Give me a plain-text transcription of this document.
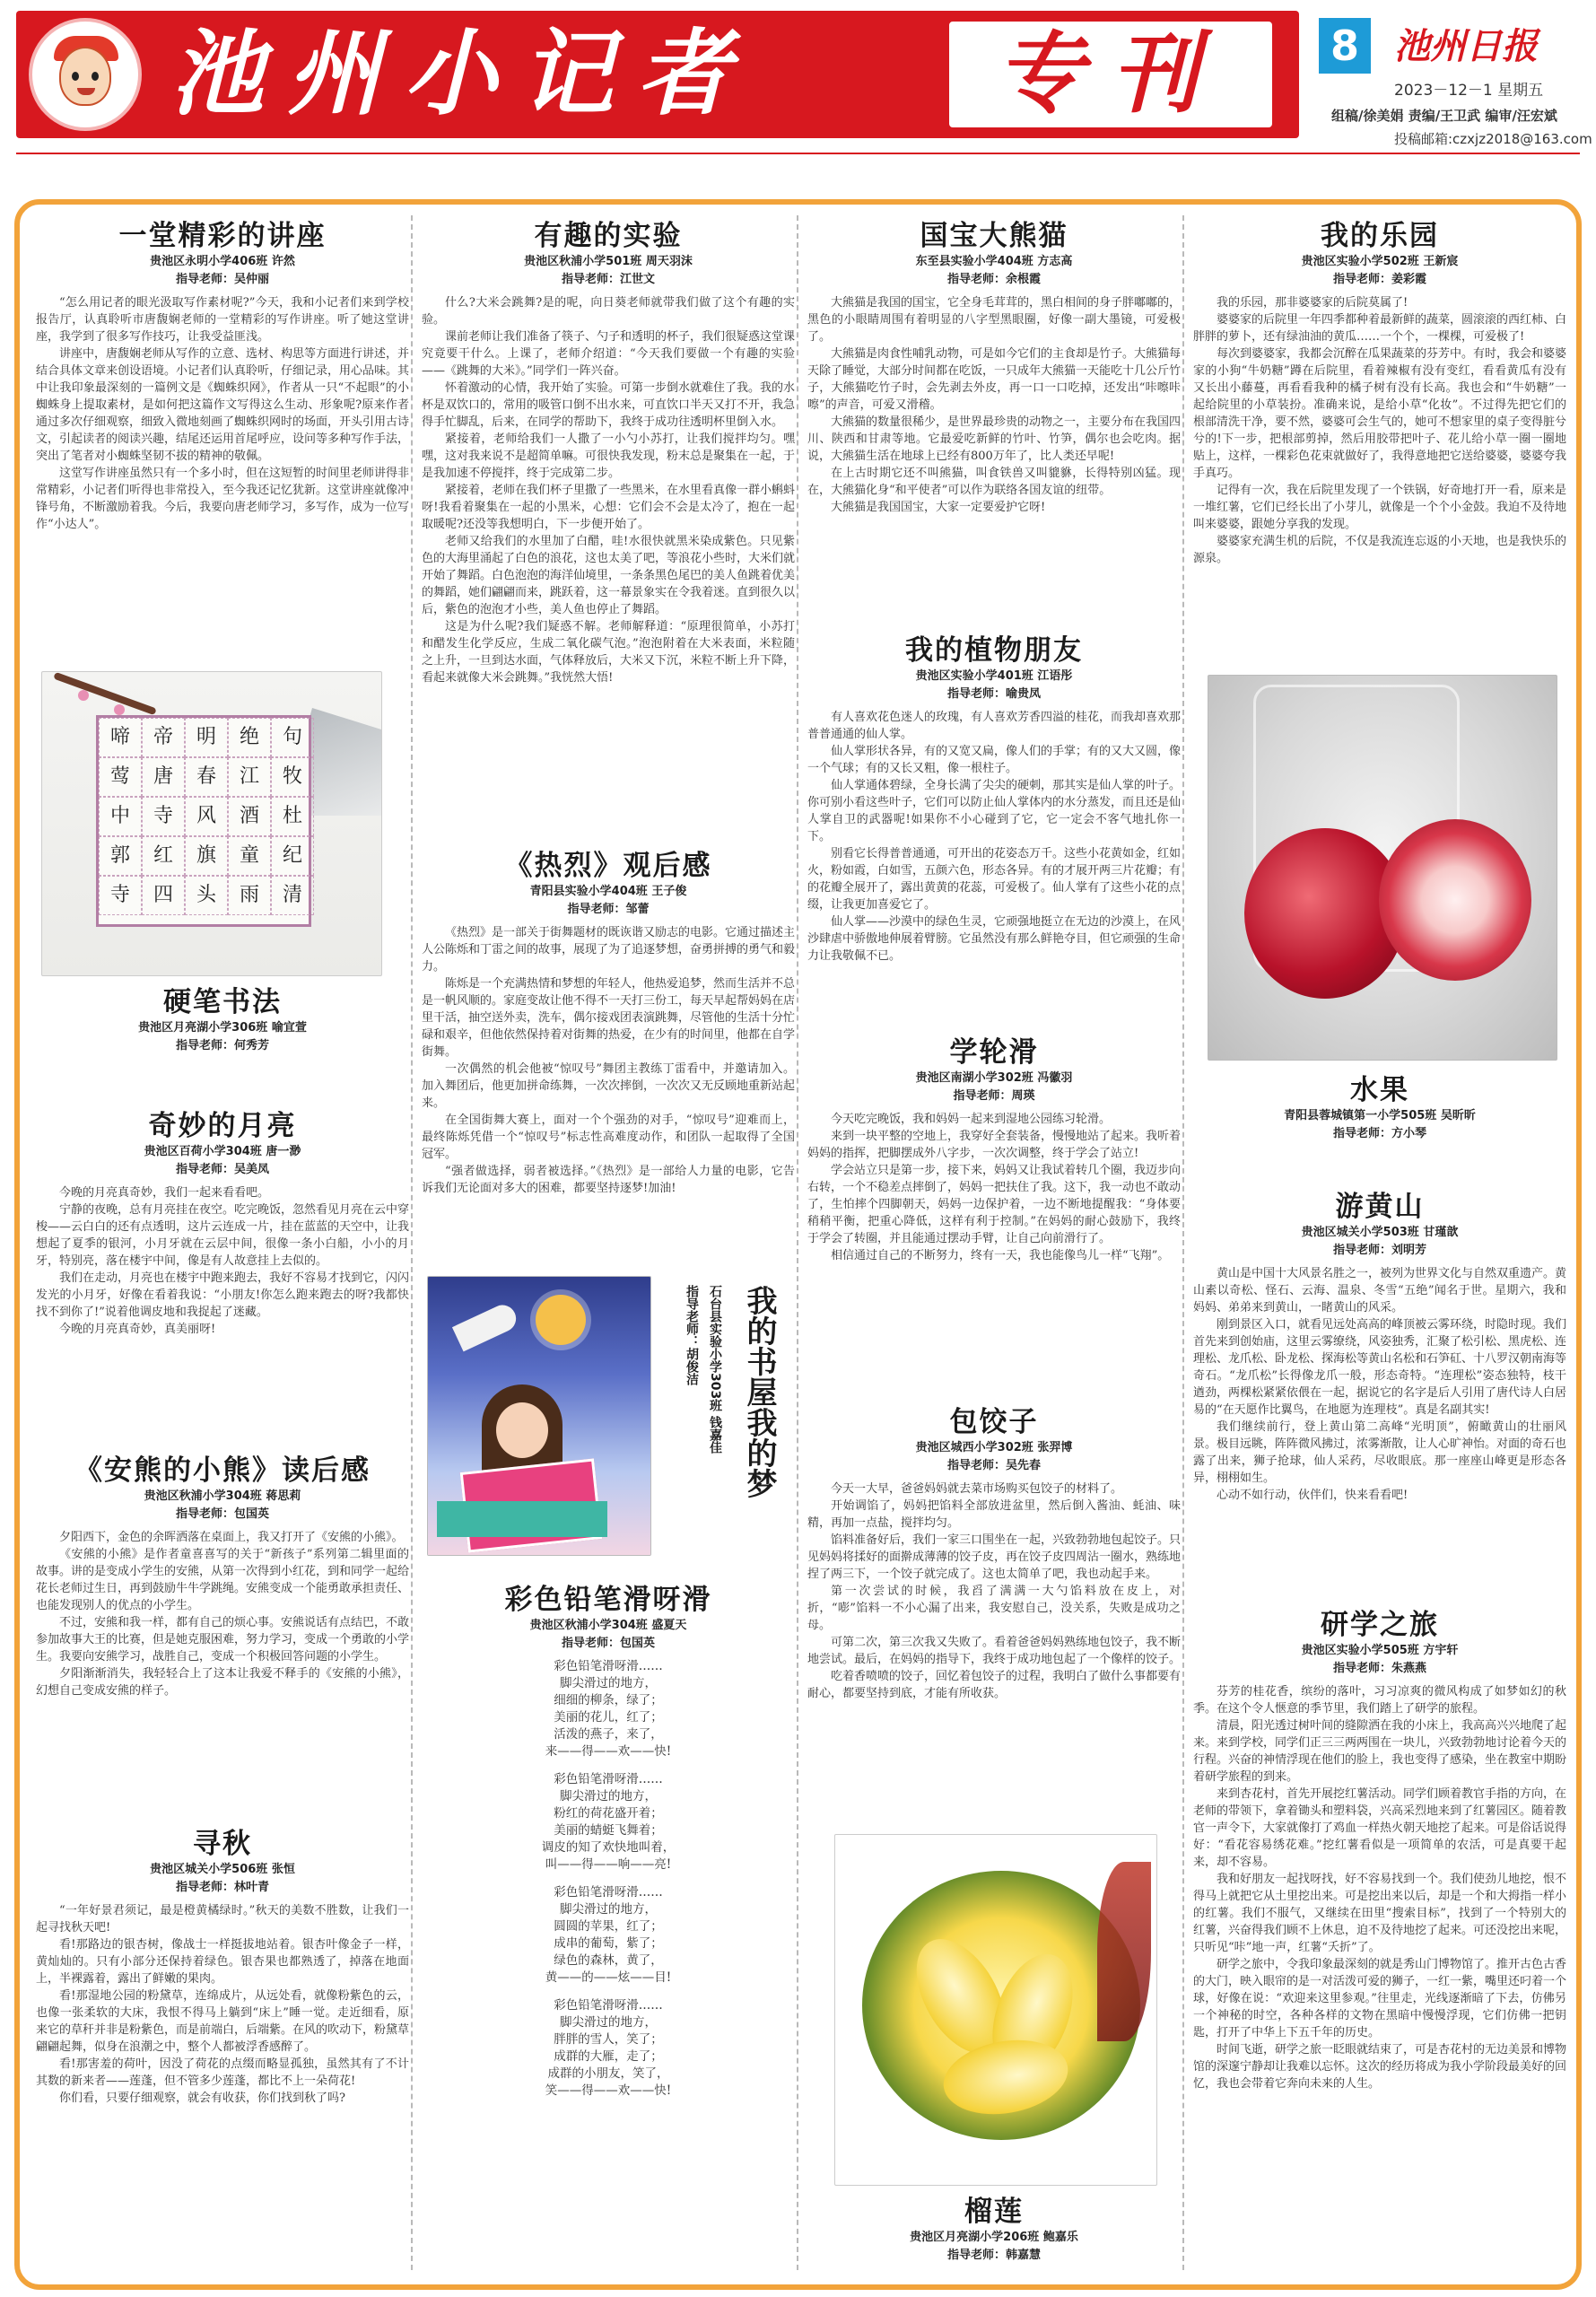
池州小记者	专刊	8 池州日报
2023－12－1 星期五
组稿/徐美娟 责编/王卫武 编审/汪宏斌
投稿邮箱:czxjz2018@163.com
一堂精彩的讲座
贵池区永明小学406班 许然
指导老师：吴仲丽

“怎么用记者的眼光汲取写作素材呢?”今天，我和小记者们来到学校报告厅，认真聆听市唐馥娴老师的一堂精彩的写作讲座。听了她这堂讲座，我学到了很多写作技巧，让我受益匪浅。

讲座中，唐馥娴老师从写作的立意、选材、构思等方面进行讲述，并结合具体文章来创设语境。小记者们认真聆听，仔细记录，用心品味。其中让我印象最深刻的一篇例文是《蜘蛛织网》，作者从一只“不起眼”的小蜘蛛身上提取素材，是如何把这篇作文写得这么生动、形象呢?原来作者通过多次仔细观察，细致入微地刻画了蜘蛛织网时的场面，开头引用古诗文，引起读者的阅读兴趣，结尾还运用首尾呼应，设问等多种写作手法，突出了笔者对小蜘蛛坚韧不拔的精神的敬佩。

这堂写作讲座虽然只有一个多小时，但在这短暂的时间里老师讲得非常精彩，小记者们听得也非常投入，至今我还记忆犹新。这堂讲座就像冲锋号角，不断激励着我。今后，我要向唐老师学习，多写作，成为一位写作“小达人”。

句
牧
杜
纪
清
绝
江
酒
童
雨
明
春
风
旗
头
帝
唐
寺
红
四
啼
莺
中
郭
寺
硬笔书法
贵池区月亮湖小学306班 喻宜萱
指导老师：何秀芳
奇妙的月亮
贵池区百荷小学304班 唐一渺
指导老师：吴美凤

今晚的月亮真奇妙，我们一起来看看吧。

宁静的夜晚，总有月亮挂在夜空。吃完晚饭，忽然看见月亮在云中穿梭——云白白的还有点透明，这片云连成一片，挂在蓝蓝的天空中，让我想起了夏季的银河，小月牙就在云层中间，很像一条小白船，小小的月牙，特别亮，落在楼宇中间，像是有人故意挂上去似的。

我们在走动，月亮也在楼宇中跑来跑去，我好不容易才找到它，闪闪发光的小月牙，好像在看着我说：“小朋友!你怎么跑来跑去的呀?我都快找不到你了!”说着他调皮地和我捉起了迷藏。

今晚的月亮真奇妙，真美丽呀!

《安熊的小熊》读后感
贵池区秋浦小学304班 蒋思莉
指导老师：包国英

夕阳西下，金色的余晖洒落在桌面上，我又打开了《安熊的小熊》。

《安熊的小熊》是作者童喜喜写的关于“新孩子”系列第二辑里面的故事。讲的是变成小学生的安熊，从第一次得到小红花，到和同学一起给花长老师过生日，再到鼓励牛牛学跳绳。安熊变成一个能勇敢承担责任、也能发现别人的优点的小学生。

不过，安熊和我一样，都有自己的烦心事。安熊说话有点结巴，不敢参加故事大王的比赛，但是她克服困难，努力学习，变成一个勇敢的小学生。我要向安熊学习，战胜自己，变成一个积极回答问题的小学生。

夕阳渐渐消失，我轻轻合上了这本让我爱不释手的《安熊的小熊》，幻想自己变成安熊的样子。

寻秋
贵池区城关小学506班 张恒
指导老师：林叶青

“一年好景君须记，最是橙黄橘绿时。”秋天的美数不胜数，让我们一起寻找秋天吧!

看!那路边的银杏树，像战士一样挺拔地站着。银杏叶像金子一样，黄灿灿的。只有小部分还保持着绿色。银杏果也都熟透了，掉落在地面上，半裸露着，露出了鲜嫩的果肉。

看!那湿地公园的粉黛草，连绵成片，从远处看，就像粉紫色的云，也像一张柔软的大床，我恨不得马上躺到“床上”睡一觉。走近细看，原来它的草秆并非是粉紫色，而是前端白，后端紫。在风的吹动下，粉黛草翩翩起舞，似身在浪潮之中，整个人都被浮香感醉了。

看!那害羞的荷叶，因没了荷花的点缀而略显孤独，虽然其有了不计其数的新来者——莲蓬，但不管多少莲蓬，都比不上一朵荷花!

你们看，只要仔细观察，就会有收获，你们找到秋了吗?

有趣的实验
贵池区秋浦小学501班 周天羽沫
指导老师：江世文

什么?大米会跳舞?是的呢，向日葵老师就带我们做了这个有趣的实验。

课前老师让我们准备了筷子、勺子和透明的杯子，我们很疑惑这堂课究竟要干什么。上课了，老师介绍道：“今天我们要做一个有趣的实验——《跳舞的大米》。”同学们一阵兴奋。

怀着激动的心情，我开始了实验。可第一步倒水就难住了我。我的水杯是双饮口的，常用的吸管口倒不出水来，可直饮口半天又打不开，我急得手忙脚乱，后来，在同学的帮助下，我终于成功往透明杯里倒入水。

紧接着，老师给我们一人撒了一小勺小苏打，让我们搅拌均匀。嘿嘿，这对我来说不是超简单嘛。可很快我发现，粉末总是聚集在一起，于是我加速不停搅拌，终于完成第二步。

紧接着，老师在我们杯子里撒了一些黑米，在水里看真像一群小蝌蚪呀!我看着聚集在一起的小黑米，心想：它们会不会是太冷了，抱在一起取暖呢?还没等我想明白，下一步便开始了。

老师又给我们的水里加了白醋，哇!水很快就黑米染成紫色。只见紫色的大海里涌起了白色的浪花，这也太美了吧，等浪花小些时，大米们就开始了舞蹈。白色泡泡的海洋仙境里，一条条黑色尾巴的美人鱼跳着优美的舞蹈，她们翩翩而来，跳跃着，这一幕景象实在令我着迷。直到很久以后，紫色的泡泡才小些，美人鱼也停止了舞蹈。

这是为什么呢?我们疑惑不解。老师解释道：“原理很简单，小苏打和醋发生化学反应，生成二氧化碳气泡。”泡泡附着在大米表面，米粒随之上升，一旦到达水面，气体释放后，大米又下沉，米粒不断上升下降，看起来就像大米会跳舞。”我恍然大悟!

《热烈》观后感
青阳县实验小学404班 王子俊
指导老师：邹蕾

《热烈》是一部关于街舞题材的既诙谐又励志的电影。它通过描述主人公陈烁和丁雷之间的故事，展现了为了追逐梦想，奋勇拼搏的勇气和毅力。

陈烁是一个充满热情和梦想的年轻人，他热爱追梦，然而生活并不总是一帆风顺的。家庭变故让他不得不一天打三份工，每天早起帮妈妈在店里干活，抽空送外卖，洗车，偶尔接戏团表演跳舞，尽管他的生活十分忙碌和艰辛，但他依然保持着对街舞的热爱，在少有的时间里，他都在自学街舞。

一次偶然的机会他被“惊叹号”舞团主教练丁雷看中，并邀请加入。加入舞团后，他更加拼命练舞，一次次摔倒，一次次又无反顾地重新站起来。

在全国街舞大赛上，面对一个个强劲的对手，“惊叹号”迎难而上，最终陈烁凭借一个“惊叹号”标志性高难度动作，和团队一起取得了全国冠军。

“强者做选择，弱者被选择。”《热烈》是一部给人力量的电影，它告诉我们无论面对多大的困难，都要坚持逐梦!加油!

我的书屋我的梦
石台县实验小学303班 钱嘉佳
指导老师：胡俊洁
彩色铅笔滑呀滑
贵池区秋浦小学304班 盛夏天
指导老师：包国英
彩色铅笔滑呀滑……
脚尖滑过的地方，
细细的柳条，绿了；
美丽的花儿，红了；
活泼的燕子，来了，
来——得——欢——快!
彩色铅笔滑呀滑……
脚尖滑过的地方，
粉红的荷花盛开着；
美丽的蜻蜓飞舞着；
调皮的知了欢快地叫着，
叫——得——响——亮!
彩色铅笔滑呀滑……
脚尖滑过的地方，
圆圆的苹果，红了；
成串的葡萄，紫了；
绿色的森林，黄了，
黄——的——炫——目!
彩色铅笔滑呀滑……
脚尖滑过的地方，
胖胖的雪人，笑了；
成群的大雁，走了；
成群的小朋友，笑了，
笑——得——欢——快!
国宝大熊猫
东至县实验小学404班 方志高
指导老师：余根霞

大熊猫是我国的国宝，它全身毛茸茸的，黑白相间的身子胖嘟嘟的，黑色的小眼睛周围有着明显的八字型黑眼圈，好像一副大墨镜，可爱极了。

大熊猫是肉食性哺乳动物，可是如今它们的主食却是竹子。大熊猫每天除了睡觉，大部分时间都在吃饭，一只成年大熊猫一天能吃十几公斤竹子，大熊猫吃竹子时，会先剥去外皮，再一口一口吃掉，还发出“咔嚓咔嚓”的声音，可爱又滑稽。

大熊猫的数量很稀少，是世界最珍贵的动物之一，主要分布在我国四川、陕西和甘肃等地。它最爱吃新鲜的竹叶、竹笋，偶尔也会吃肉。据说，大熊猫生活在地球上已经有800万年了，比人类还早呢!

在上古时期它还不叫熊猫，叫食铁兽又叫貔貅，长得特别凶猛。现在，大熊猫化身“和平使者”可以作为联络各国友谊的纽带。

大熊猫是我国国宝，大家一定要爱护它呀!

我的植物朋友
贵池区实验小学401班 江语彤
指导老师：喻贵凤

有人喜欢花色迷人的玫瑰，有人喜欢芳香四溢的桂花，而我却喜欢那普普通通的仙人掌。

仙人掌形状各异，有的又宽又扁，像人们的手掌；有的又大又圆，像一个气球；有的又长又粗，像一根柱子。

仙人掌通体碧绿，全身长满了尖尖的硬刺，那其实是仙人掌的叶子。你可别小看这些叶子，它们可以防止仙人掌体内的水分蒸发，而且还是仙人掌自卫的武器呢!如果你不小心碰到了它，它一定会不客气地扎你一下。

别看它长得普普通通，可开出的花姿态万千。这些小花黄如金，红如火，粉如霞，白如雪，五颜六色，形态各异。有的才展开两三片花瓣；有的花瓣全展开了，露出黄黄的花蕊，可爱极了。仙人掌有了这些小花的点缀，让我更加喜爱它了。

仙人掌——沙漠中的绿色生灵，它顽强地挺立在无边的沙漠上，在风沙肆虐中骄傲地伸展着臂膀。它虽然没有那么鲜艳夺目，但它顽强的生命力让我敬佩不已。

学轮滑
贵池区南湖小学302班 冯徽羽
指导老师：周瑛

今天吃完晚饭，我和妈妈一起来到湿地公园练习轮滑。

来到一块平整的空地上，我穿好全套装备，慢慢地站了起来。我听着妈妈的指挥，把脚摆成外八字步，一次次调整，终于学会了站立!

学会站立只是第一步，接下来，妈妈又让我试着转几个圈，我迈步向右转，一个不稳差点摔倒了，妈妈一把扶住了我。这下，我一动也不敢动了，生怕摔个四脚朝天，妈妈一边保护着，一边不断地提醒我：“身体要稍稍平衡，把重心降低，这样有利于控制。”在妈妈的耐心鼓励下，我终于学会了转圈，并且能通过摆动手臂，让自己向前滑行了。

相信通过自己的不断努力，终有一天，我也能像鸟儿一样“飞翔”。

包饺子
贵池区城西小学302班 张羿博
指导老师：吴先春

今天一大早，爸爸妈妈就去菜市场购买包饺子的材料了。

开始调馅了，妈妈把馅料全部放进盆里，然后倒入酱油、蚝油、味精，再加一点盐，搅拌均匀。

馅料准备好后，我们一家三口围坐在一起，兴致勃勃地包起饺子。只见妈妈将揉好的面擀成薄薄的饺子皮，再在饺子皮四周沾一圈水，熟练地捏了两三下，一个饺子就完成了。这也太简单了吧，我也动起手来。

第一次尝试的时候，我舀了满满一大勺馅料放在皮上，对折，“嘭”馅料一不小心漏了出来，我安慰自己，没关系，失败是成功之母。

可第二次，第三次我又失败了。看着爸爸妈妈熟练地包饺子，我不断地尝试。最后，在妈妈的指导下，我终于成功地包起了一个像样的饺子。

吃着香喷喷的饺子，回忆着包饺子的过程，我明白了做什么事都要有耐心，都要坚持到底，才能有所收获。

榴莲
贵池区月亮湖小学206班 鲍嘉乐
指导老师：韩嘉慧
我的乐园
贵池区实验小学502班 王新宸
指导老师：姜彩霞

我的乐园，那非婆婆家的后院莫属了!

婆婆家的后院里一年四季都种着最新鲜的蔬菜，圆滚滚的西红柿、白胖胖的萝卜，还有绿油油的黄瓜……一个个，一棵棵，可爱极了!

每次到婆婆家，我都会沉醉在瓜果蔬菜的芬芳中。有时，我会和婆婆家的小狗“牛奶糖”蹲在后院里，看着辣椒有没有变红，看看黄瓜有没有又长出小藤蔓，再看看我种的橘子树有没有长高。我也会和“牛奶糖”一起给院里的小草装扮。准确来说，是给小草“化妆”。不过得先把它们的根部清洗干净，要不然，婆婆可会生气的，她可不想家里的桌子变得脏兮兮的!下一步，把根部剪掉，然后用胶带把叶子、花儿给小草一圈一圈地贴上，这样，一棵彩色花束就做好了，我得意地把它送给婆婆，婆婆夸我手真巧。

记得有一次，我在后院里发现了一个铁锅，好奇地打开一看，原来是一堆红薯，它们已经长出了小芽儿，就像是一个个小金鼓。我迫不及待地叫来婆婆，跟她分享我的发现。

婆婆家充满生机的后院，不仅是我流连忘返的小天地，也是我快乐的源泉。

水果
青阳县蓉城镇第一小学505班 吴昕昕
指导老师：方小琴
游黄山
贵池区城关小学503班 甘瑾歆
指导老师：刘明芳

黄山是中国十大风景名胜之一，被列为世界文化与自然双重遗产。黄山素以奇松、怪石、云海、温泉、冬雪“五绝”闻名于世。星期六，我和妈妈、弟弟来到黄山，一睹黄山的风采。

刚到景区入口，就看见远处高高的峰顶被云雾环绕，时隐时现。我们首先来到创始庙，这里云雾缭绕，风姿独秀，汇聚了松引松、黑虎松、连理松、龙爪松、卧龙松、探海松等黄山名松和石笋矼、十八罗汉朝南海等奇石。“龙爪松”长得像龙爪一般，形态奇特。“连理松”姿态独特，枝干遒劲，两棵松紧紧依偎在一起，据说它的名字是后人引用了唐代诗人白居易的“在天愿作比翼鸟，在地愿为连理枝”。真是名副其实!

我们继续前行，登上黄山第二高峰“光明顶”，俯瞰黄山的壮丽风景。极目远眺，阵阵微风拂过，浓雾渐散，让人心旷神怡。对面的奇石也露了出来，狮子抢球，仙人采药，尽收眼底。那一座座山峰更是形态各异，栩栩如生。

心动不如行动，伙伴们，快来看看吧!

研学之旅
贵池区实验小学505班 方宇轩
指导老师：朱燕燕

芬芳的桂花香，缤纷的落叶，习习凉爽的微风构成了如梦如幻的秋季。在这个令人惬意的季节里，我们踏上了研学的旅程。

清晨，阳光透过树叶间的缝隙洒在我的小床上，我高高兴兴地爬了起来。来到学校，同学们正三三两两围在一块儿，兴致勃勃地讨论着今天的行程。兴奋的神情浮现在他们的脸上，我也变得了感染，坐在教室中期盼着研学旅程的到来。

来到杏花村，首先开展挖红薯活动。同学们顾着教官手指的方向，在老师的带领下，拿着锄头和塑料袋，兴高采烈地来到了红薯园区。随着教官一声令下，大家就像打了鸡血一样热火朝天地挖了起来。可是俗话说得好：“看花容易绣花难。”挖红薯看似是一项简单的农活，可是真要干起来，却不容易。

我和好朋友一起找呀找，好不容易找到一个。我们使劲儿地挖，恨不得马上就把它从土里挖出来。可是挖出来以后，却是一个和大拇指一样小的红薯。我们不服气，又继续在田里“搜索目标”，找到了一个特别大的红薯，兴奋得我们顾不上休息，迫不及待地挖了起来。可还没挖出来呢，只听见“咔”地一声，红薯“夭折”了。

研学之旅中，令我印象最深刻的就是秀山门博物馆了。推开古色古香的大门，映入眼帘的是一对活泼可爱的狮子，一红一紫，嘴里还叼着一个球，好像在说：“欢迎来这里参观。”往里走，光线逐渐暗了下去，仿佛另一个神秘的时空，各种各样的文物在黑暗中慢慢浮现，它们仿佛一把钥匙，打开了中华上下五千年的历史。

时间飞逝，研学之旅一眨眼就结束了，可是杏花村的无边美景和博物馆的深邃宁静却让我难以忘怀。这次的经历将成为我小学阶段最美好的回忆，我也会带着它奔向未来的人生。
